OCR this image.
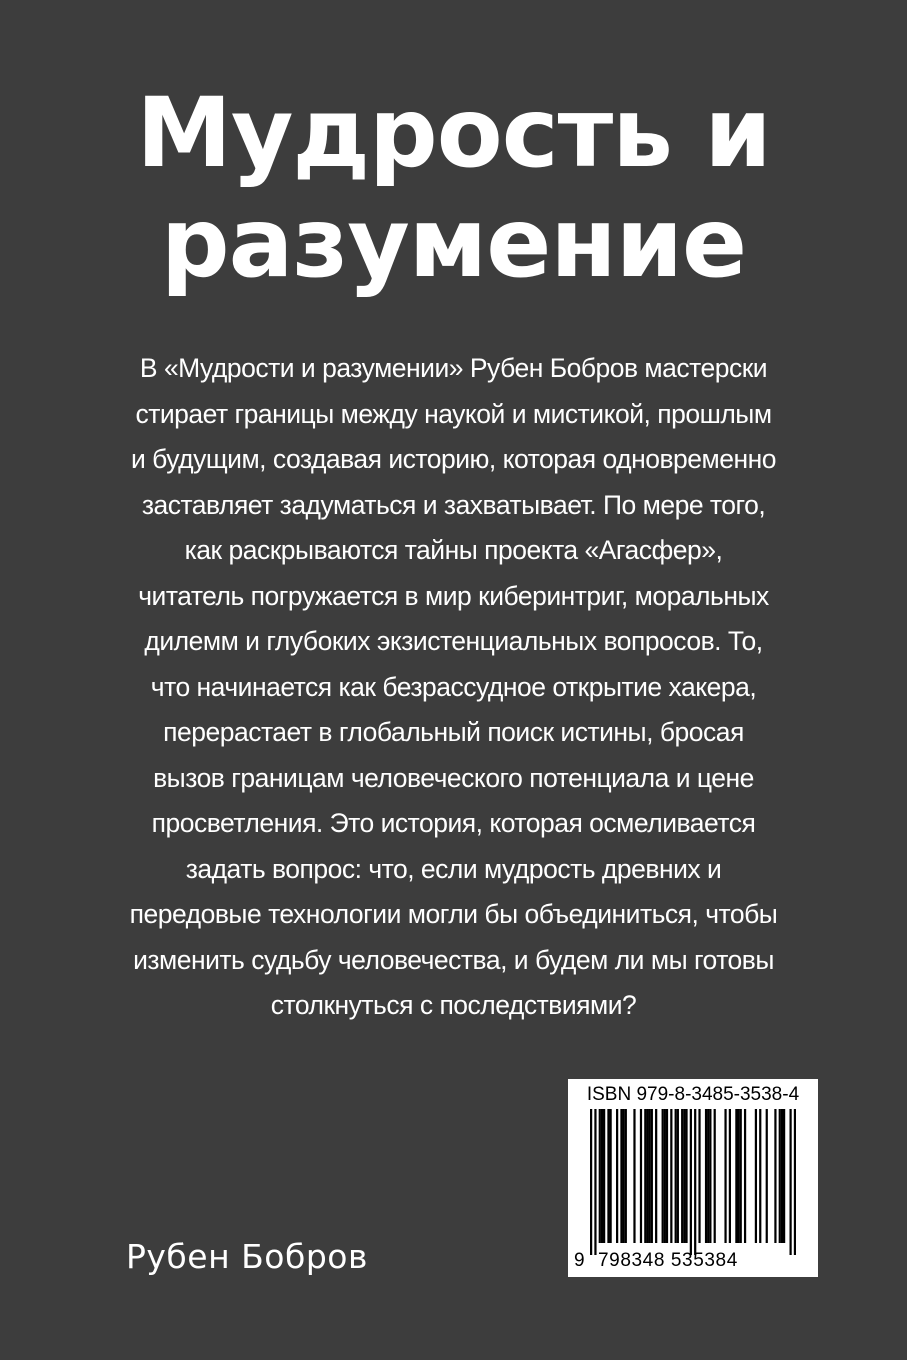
Мудрость и
разумение

В «Мудрости и разумении» Рубен Бобров мастерски
стирает границы между наукой и мистикой, прошлым
и будущим, создавая историю, которая одновременно
заставляет задуматься и захватывает. По мере того,
как раскрываются тайны проекта «Агасфер»,
читатель погружается в мир киберинтриг, моральных
дилемм и глубоких экзистенциальных вопросов. То,
что начинается как безрассудное открытие хакера,
перерастает в глобальный поиск истины, бросая
вызов границам человеческого потенциала и цене
просветления. Это история, которая осмеливается
задать вопрос: что, если мудрость древних и
передовые технологии могли бы объединиться, чтобы
изменить судьбу человечества, и будем ли мы готовы
столкнуться с последствиями?

Рубен Бобров
ISBN 979-8-3485-3538-4
9 798348 535384
